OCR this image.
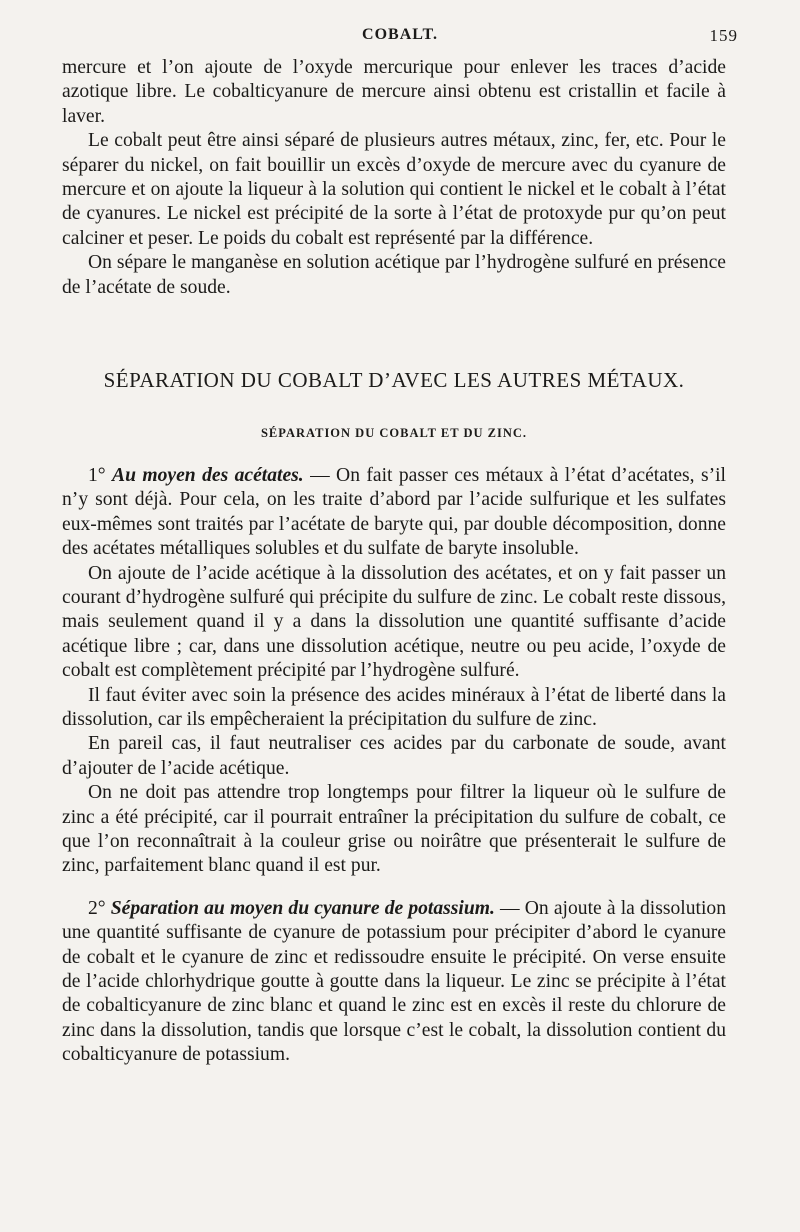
COBALT.	159

mercure et l’on ajoute de l’oxyde mercurique pour enlever les traces d’acide azotique libre. Le cobalticyanure de mercure ainsi obtenu est cristallin et facile à laver.

Le cobalt peut être ainsi séparé de plusieurs autres métaux, zinc, fer, etc. Pour le séparer du nickel, on fait bouillir un excès d’oxyde de mercure avec du cyanure de mercure et on ajoute la liqueur à la solution qui contient le nickel et le cobalt à l’état de cyanures. Le nickel est précipité de la sorte à l’état de protoxyde pur qu’on peut calciner et peser. Le poids du cobalt est représenté par la différence.

On sépare le manganèse en solution acétique par l’hydrogène sulfuré en présence de l’acétate de soude.

SÉPARATION DU COBALT D’AVEC LES AUTRES MÉTAUX.
SÉPARATION DU COBALT ET DU ZINC.

1° Au moyen des acétates. — On fait passer ces métaux à l’état d’acétates, s’il n’y sont déjà. Pour cela, on les traite d’abord par l’acide sulfurique et les sulfates eux-mêmes sont traités par l’acétate de baryte qui, par double décomposition, donne des acétates métalliques solubles et du sulfate de baryte insoluble.

On ajoute de l’acide acétique à la dissolution des acétates, et on y fait passer un courant d’hydrogène sulfuré qui précipite du sulfure de zinc. Le cobalt reste dissous, mais seulement quand il y a dans la dissolution une quantité suffisante d’acide acétique libre ; car, dans une dissolution acétique, neutre ou peu acide, l’oxyde de cobalt est complètement précipité par l’hydrogène sulfuré.

Il faut éviter avec soin la présence des acides minéraux à l’état de liberté dans la dissolution, car ils empêcheraient la précipitation du sulfure de zinc.

En pareil cas, il faut neutraliser ces acides par du carbonate de soude, avant d’ajouter de l’acide acétique.

On ne doit pas attendre trop longtemps pour filtrer la liqueur où le sulfure de zinc a été précipité, car il pourrait entraîner la précipitation du sulfure de cobalt, ce que l’on reconnaîtrait à la couleur grise ou noirâtre que présenterait le sulfure de zinc, parfaitement blanc quand il est pur.

2° Séparation au moyen du cyanure de potassium. — On ajoute à la dissolution une quantité suffisante de cyanure de potassium pour précipiter d’abord le cyanure de cobalt et le cyanure de zinc et redissoudre ensuite le précipité. On verse ensuite de l’acide chlorhydrique goutte à goutte dans la liqueur. Le zinc se précipite à l’état de cobalticyanure de zinc blanc et quand le zinc est en excès il reste du chlorure de zinc dans la dissolution, tandis que lorsque c’est le cobalt, la dissolution contient du cobalticyanure de potassium.
